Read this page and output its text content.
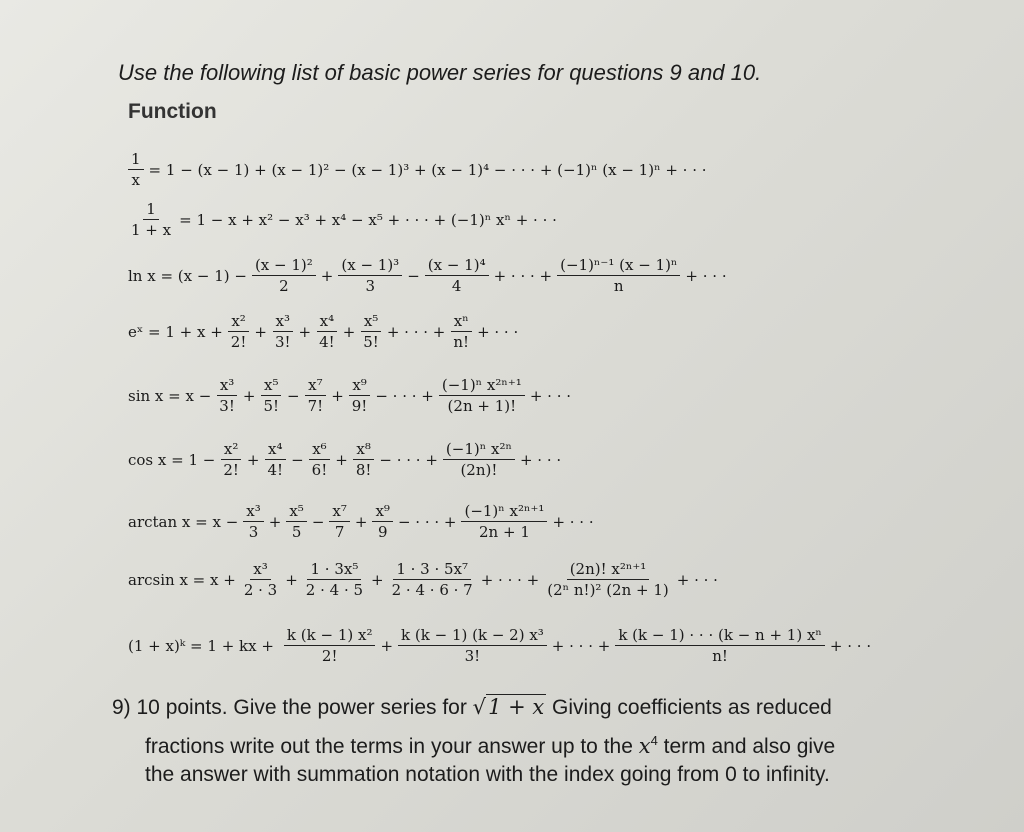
Use the following list of basic power series for questions 9 and 10.
Function
$\frac{1}{x} = 1 - (x - 1) + (x - 1)^2 - (x - 1)^3 + (x - 1)^4$ − · · · + (−1)ⁿ (x − 1)ⁿ + · · ·
$\frac{1}{1 + x} = 1 - x + x^2 - x^3 + x^4 - x^5$ + · · · + (−1)ⁿ xⁿ + · · ·
$\ln x = (x - 1) - \frac{\text{(x − 1)²}}{2} + \frac{\text{(x − 1)³}}{3} - \frac{\text{(x − 1)⁴}}{4}$ + · · · + $\frac{\text{(−1)ⁿ⁻¹ (x − 1)ⁿ}}{n}$ + · · ·
eˣ = $1 + x + \frac{\text{x²}}{2!} + \frac{\text{x³}}{3!} + \frac{\text{x⁴}}{4!} + \frac{\text{x⁵}}{5!}$ + · · · + $\frac{\text{xⁿ}}{n!}$ + · · ·
$\sin x = x - \frac{\text{x³}}{3!} + \frac{\text{x⁵}}{5!} - \frac{\text{x⁷}}{7!} + \frac{\text{x⁹}}{9!}$ − · · · + $\frac{\text{(−1)ⁿ x²ⁿ⁺¹}}{(2n + 1)!}$ + · · ·
$\cos x = 1 - \frac{\text{x²}}{2!} + \frac{\text{x⁴}}{4!} - \frac{\text{x⁶}}{6!} + \frac{\text{x⁸}}{8!}$ − · · · + $\frac{\text{(−1)ⁿ x²ⁿ}}{(2n)!}$ + · · ·
$\arctan x = x - \frac{\text{x³}}{3} + \frac{\text{x⁵}}{5} - \frac{\text{x⁷}}{7} + \frac{\text{x⁹}}{9}$ − · · · + $\frac{\text{(−1)ⁿ x²ⁿ⁺¹}}{2n + 1}$ + · · ·
$\arcsin x = x + \frac{\text{x³}}{2 \cdot 3} + \frac{\text{1 · 3x⁵}}{2 \cdot 4 \cdot 5} + \frac{\text{1 · 3 · 5x⁷}}{2 \cdot 4 \cdot 6 \cdot 7}$ + · · · + $\frac{\text{(2n)! x²ⁿ⁺¹}}{\text{(2ⁿ n!)² (2n + 1)}}$ + · · ·
(1 + x)ᵏ = 1 + kx + $\frac{\text{k (k − 1) x²}}{2!} + \frac{\text{k (k − 1) (k − 2) x³}}{3!}$ + · · · + $\frac{\text{k (k − 1) · · · (k − n + 1) xⁿ}}{n!}$ + · · ·
9) 10 points. Give the power series for √1 + x Giving coefficients as reduced
fractions write out the terms in your answer up to the $x^4$ term and also give
the answer with summation notation with the index going from 0 to infinity.
